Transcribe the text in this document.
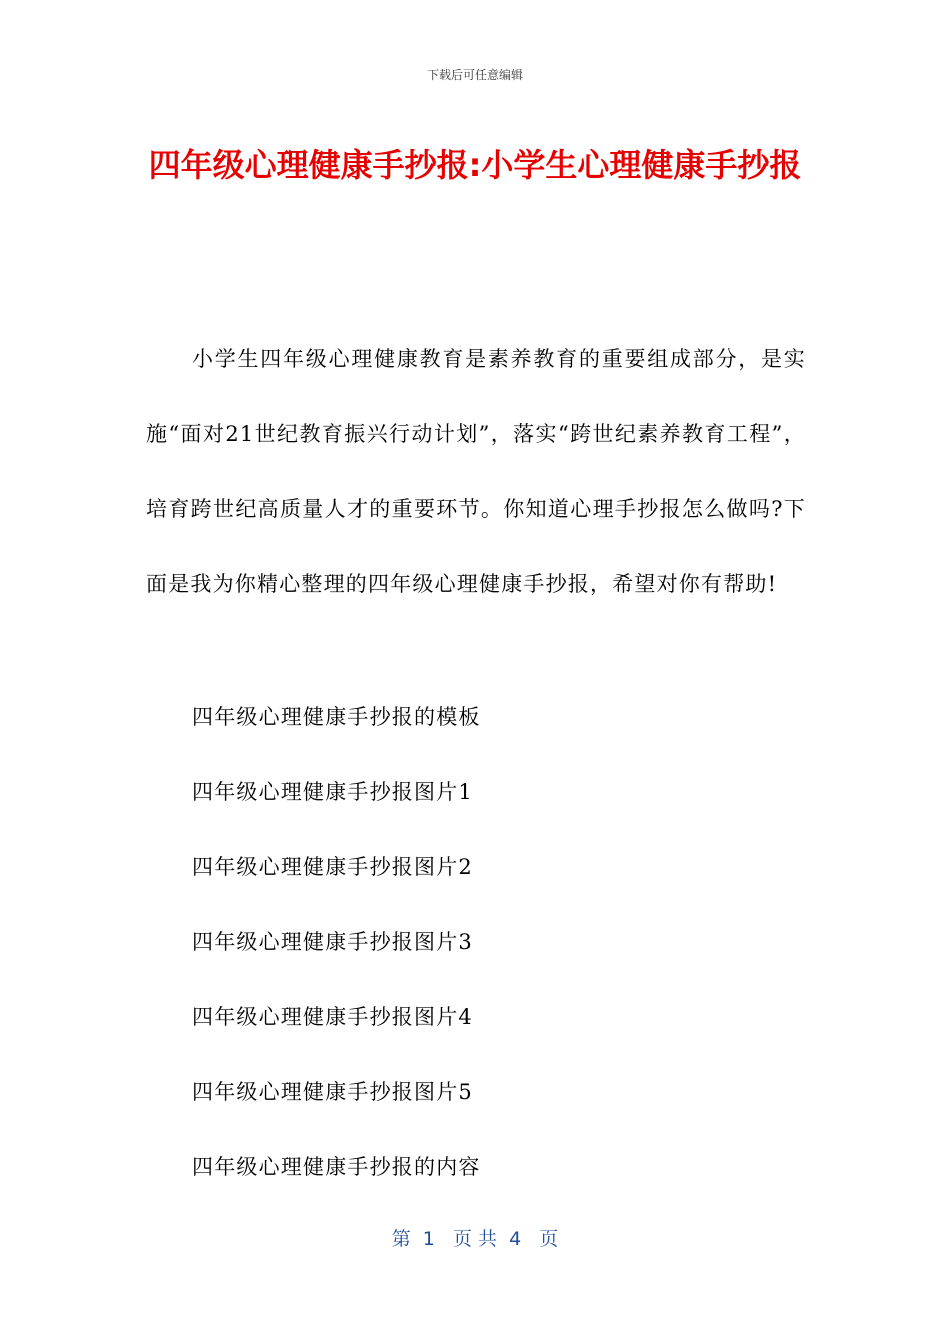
下载后可任意编辑
四年级心理健康手抄报:小学生心理健康手抄报

小学生四年级心理健康教育是素养教育的重要组成部分，是实施“面对21世纪教育振兴行动计划”，落实“跨世纪素养教育工程”，培育跨世纪高质量人才的重要环节。你知道心理手抄报怎么做吗?下面是我为你精心整理的四年级心理健康手抄报，希望对你有帮助!

四年级心理健康手抄报的模板
四年级心理健康手抄报图片1
四年级心理健康手抄报图片2
四年级心理健康手抄报图片3
四年级心理健康手抄报图片4
四年级心理健康手抄报图片5
四年级心理健康手抄报的内容
第  1   页 共  4   页
